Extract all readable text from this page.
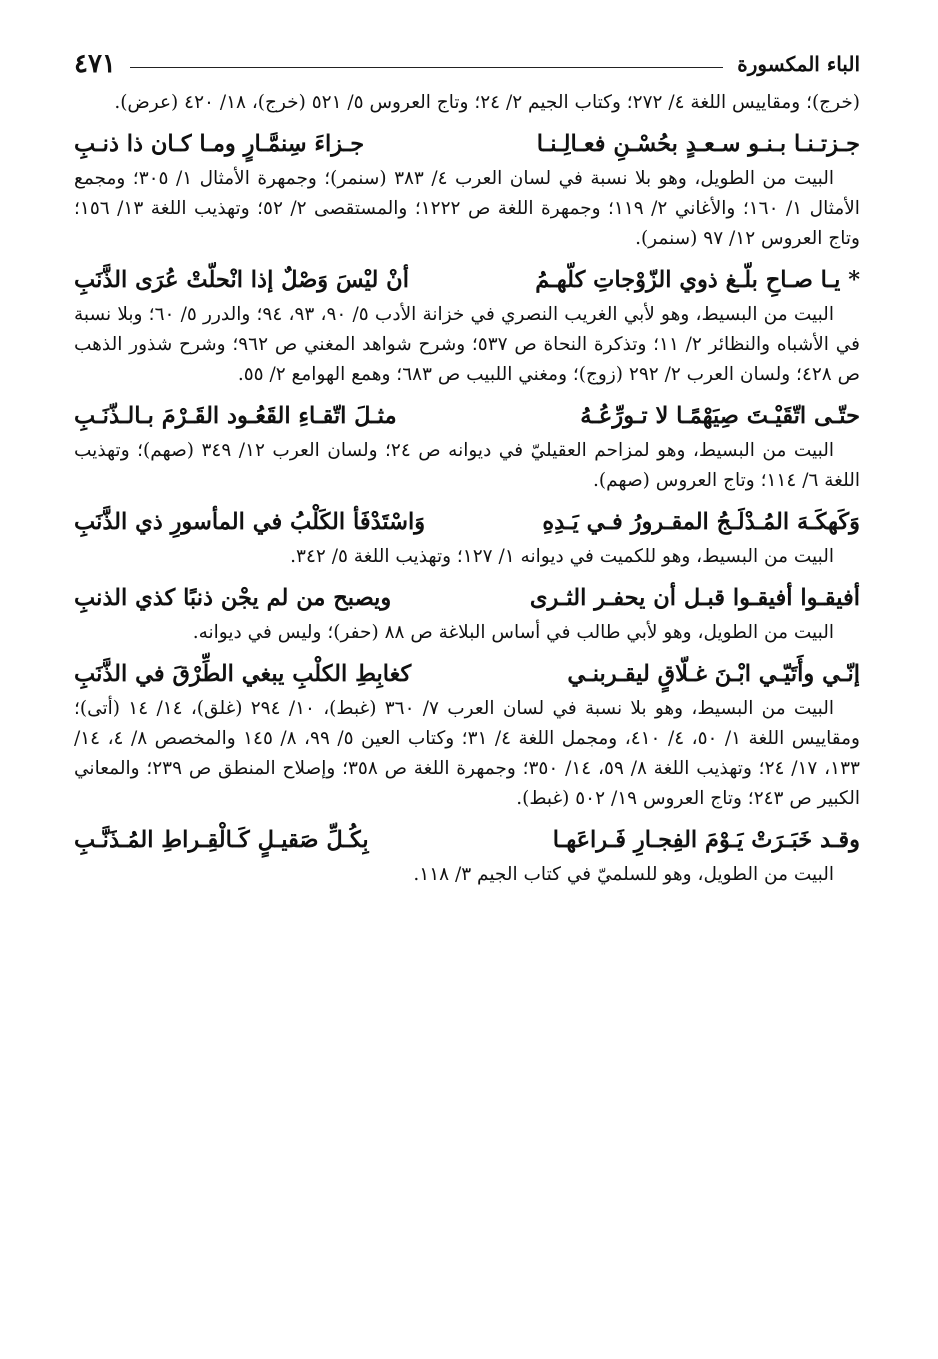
الباء المكسورة
٤٧١
(خرج)؛ ومقاييس اللغة ٤/ ٢٧٢؛ وكتاب الجيم ٢/ ٢٤؛ وتاج العروس ٥/ ٥٢١ (خرج)، ١٨/ ٤٢٠ (عرض).
جـزتـنـا بـنـو سـعـدٍ بحُسْـنِ فعـالِـنـا
جـزاءَ سِنمَّـارٍ ومـا كـان ذا ذنـبِ
البيت من الطويل، وهو بلا نسبة في لسان العرب ٤/ ٣٨٣ (سنمر)؛ وجمهرة الأمثال ١/ ٣٠٥؛ ومجمع الأمثال ١/ ١٦٠؛ والأغاني ٢/ ١١٩؛ وجمهرة اللغة ص ١٢٢٢؛ والمستقصى ٢/ ٥٢؛ وتهذيب اللغة ١٣/ ١٥٦؛ وتاج العروس ١٢/ ٩٧ (سنمر).
* يـا صـاحِ بلّـغ ذوي الزّوْجاتِ كلّهـمُ
أنْ ليْسَ وَصْلٌ إذا انْحلّتْ عُرَى الذَّنَبِ
البيت من البسيط، وهو لأبي الغريب النصري في خزانة الأدب ٥/ ٩٠، ٩٣، ٩٤؛ والدرر ٥/ ٦٠؛ وبلا نسبة في الأشباه والنظائر ٢/ ١١؛ وتذكرة النحاة ص ٥٣٧؛ وشرح شواهد المغني ص ٩٦٢؛ وشرح شذور الذهب ص ٤٢٨؛ ولسان العرب ٢/ ٢٩٢ (زوج)؛ ومغني اللبيب ص ٦٨٣؛ وهمع الهوامع ٢/ ٥٥.
حتّـى اتّقَيْـتَ صِيَهْمًـا لا تـورِّعُـهُ
مثـلَ اتّقـاءِ القَعُـود القَـرْمَ بـالـذّنَـبِ
البيت من البسيط، وهو لمزاحم العقيليّ في ديوانه ص ٢٤؛ ولسان العرب ١٢/ ٣٤٩ (صهم)؛ وتهذيب اللغة ٦/ ١١٤؛ وتاج العروس (صهم).
وَكَهكَـهَ المُـدْلَـجُ المقـرورُ فـي يَـدِهِ
وَاسْتَدْفَأ الكَلْبُ في المأسورِ ذي الذَّنَبِ
البيت من البسيط، وهو للكميت في ديوانه ١/ ١٢٧؛ وتهذيب اللغة ٥/ ٣٤٢.
أفيقـوا أفيقـوا قبـل أن يحفـر الثـرى
ويصبح من لم يجْن ذنبًا كذي الذنبِ
البيت من الطويل، وهو لأبي طالب في أساس البلاغة ص ٨٨ (حفر)؛ وليس في ديوانه.
إنّـي وأَتَيّـي ابْـنَ غـلّاقٍ ليقـربنـي
كغابِطِ الكلْبِ يبغي الطِّرْقَ في الذَّنَبِ
البيت من البسيط، وهو بلا نسبة في لسان العرب ٧/ ٣٦٠ (غبط)، ١٠/ ٢٩٤ (غلق)، ١٤/ ١٤ (أتى)؛ ومقاييس اللغة ١/ ٥٠، ٤/ ٤١٠، ومجمل اللغة ٤/ ٣١؛ وكتاب العين ٥/ ٩٩، ٨/ ١٤٥ والمخصص ٨/ ٤، ١٤/ ١٣٣، ١٧/ ٢٤؛ وتهذيب اللغة ٨/ ٥٩، ١٤/ ٣٥٠؛ وجمهرة اللغة ص ٣٥٨؛ وإصلاح المنطق ص ٢٣٩؛ والمعاني الكبير ص ٢٤٣؛ وتاج العروس ١٩/ ٥٠٢ (غبط).
وقـد خَبَـرَتْ يَـوْمَ الفِجـارِ فَـراعَهـا
بِكُـلِّ صَقيـلٍ كَـالْقِـراطِ المُـذَنَّـبِ
البيت من الطويل، وهو للسلميّ في كتاب الجيم ٣/ ١١٨.
